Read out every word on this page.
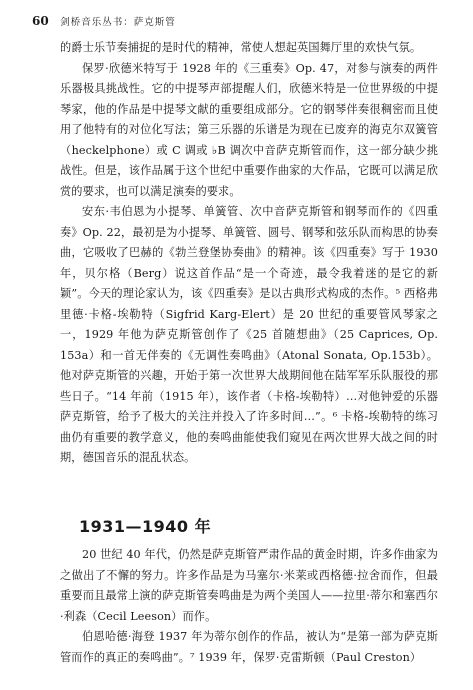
60 剑桥音乐丛书：萨克斯管

的爵士乐节奏捕捉的是时代的精神，常使人想起英国舞厅里的欢快气氛。

保罗·欣德米特写于 1928 年的《三重奏》Op. 47，对参与演奏的两件乐器极具挑战性。它的中提琴声部提醒人们，欣德米特是一位世界级的中提琴家，他的作品是中提琴文献的重要组成部分。它的钢琴伴奏很稠密而且使用了他特有的对位化写法；第三乐器的乐谱是为现在已废弃的海克尔双簧管（heckelphone）或 C 调或 ♭B 调次中音萨克斯管而作，这一部分缺少挑战性。但是，该作品属于这个世纪中重要作曲家的大作品，它既可以满足欣赏的要求，也可以满足演奏的要求。

安东·韦伯恩为小提琴、单簧管、次中音萨克斯管和钢琴而作的《四重奏》Op. 22，最初是为小提琴、单簧管、圆号、钢琴和弦乐队而构思的协奏曲，它吸收了巴赫的《勃兰登堡协奏曲》的精神。该《四重奏》写于 1930 年，贝尔格（Berg）说这首作品“是一个奇迹，最令我着迷的是它的新颖”。今天的理论家认为，该《四重奏》是以古典形式构成的杰作。⁵ 西格弗里德·卡格-埃勒特（Sigfrid Karg-Elert）是 20 世纪的重要管风琴家之一，1929 年他为萨克斯管创作了《25 首随想曲》（25 Caprices, Op. 153a）和一首无伴奏的《无调性奏鸣曲》（Atonal Sonata, Op.153b）。他对萨克斯管的兴趣，开始于第一次世界大战期间他在陆军军乐队服役的那些日子。“14 年前（1915 年），该作者（卡格-埃勒特）…对他钟爱的乐器萨克斯管，给予了极大的关注并投入了许多时间…”。⁶ 卡格-埃勒特的练习曲仍有重要的教学意义，他的奏鸣曲能使我们窥见在两次世界大战之间的时期，德国音乐的混乱状态。

1931—1940 年

20 世纪 40 年代，仍然是萨克斯管严肃作品的黄金时期，许多作曲家为之做出了不懈的努力。许多作品是为马塞尔·米莱或西格德·拉舍而作，但最重要而且最常上演的萨克斯管奏鸣曲是为两个美国人——拉里·蒂尔和塞西尔·利森（Cecil Leeson）而作。

伯恩哈德·海登 1937 年为蒂尔创作的作品，被认为“是第一部为萨克斯管而作的真正的奏鸣曲”。⁷ 1939 年，保罗·克雷斯顿（Paul Creston）
